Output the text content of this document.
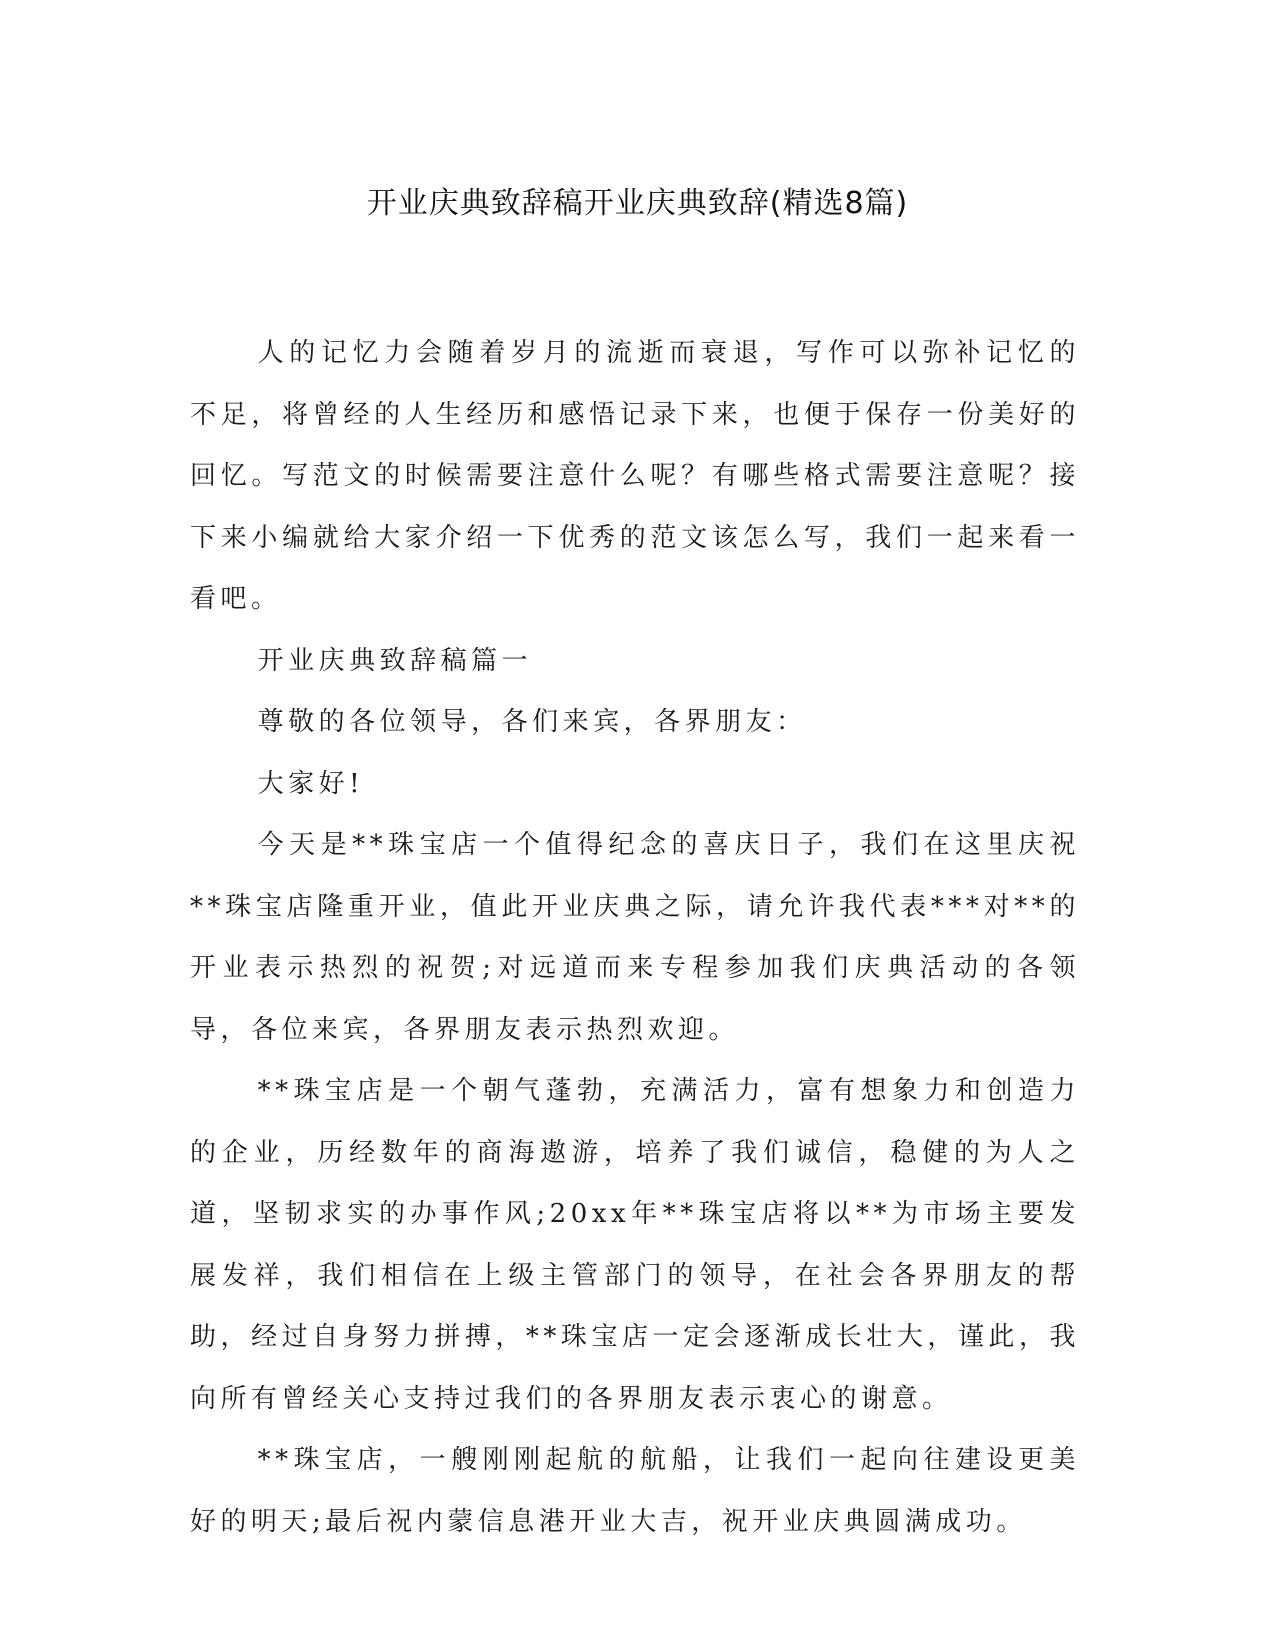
开业庆典致辞稿开业庆典致辞(精选8篇)

人的记忆力会随着岁月的流逝而衰退，写作可以弥补记忆的不足，将曾经的人生经历和感悟记录下来，也便于保存一份美好的回忆。写范文的时候需要注意什么呢？有哪些格式需要注意呢？接下来小编就给大家介绍一下优秀的范文该怎么写，我们一起来看一看吧。

开业庆典致辞稿篇一

尊敬的各位领导，各们来宾，各界朋友：

大家好!

今天是**珠宝店一个值得纪念的喜庆日子，我们在这里庆祝**珠宝店隆重开业，值此开业庆典之际，请允许我代表***对**的开业表示热烈的祝贺;对远道而来专程参加我们庆典活动的各领导，各位来宾，各界朋友表示热烈欢迎。

**珠宝店是一个朝气蓬勃，充满活力，富有想象力和创造力的企业，历经数年的商海遨游，培养了我们诚信，稳健的为人之道，坚韧求实的办事作风;20xx年**珠宝店将以**为市场主要发展发祥，我们相信在上级主管部门的领导，在社会各界朋友的帮助，经过自身努力拼搏，**珠宝店一定会逐渐成长壮大，谨此，我向所有曾经关心支持过我们的各界朋友表示衷心的谢意。

**珠宝店，一艘刚刚起航的航船，让我们一起向往建设更美好的明天;最后祝内蒙信息港开业大吉，祝开业庆典圆满成功。
